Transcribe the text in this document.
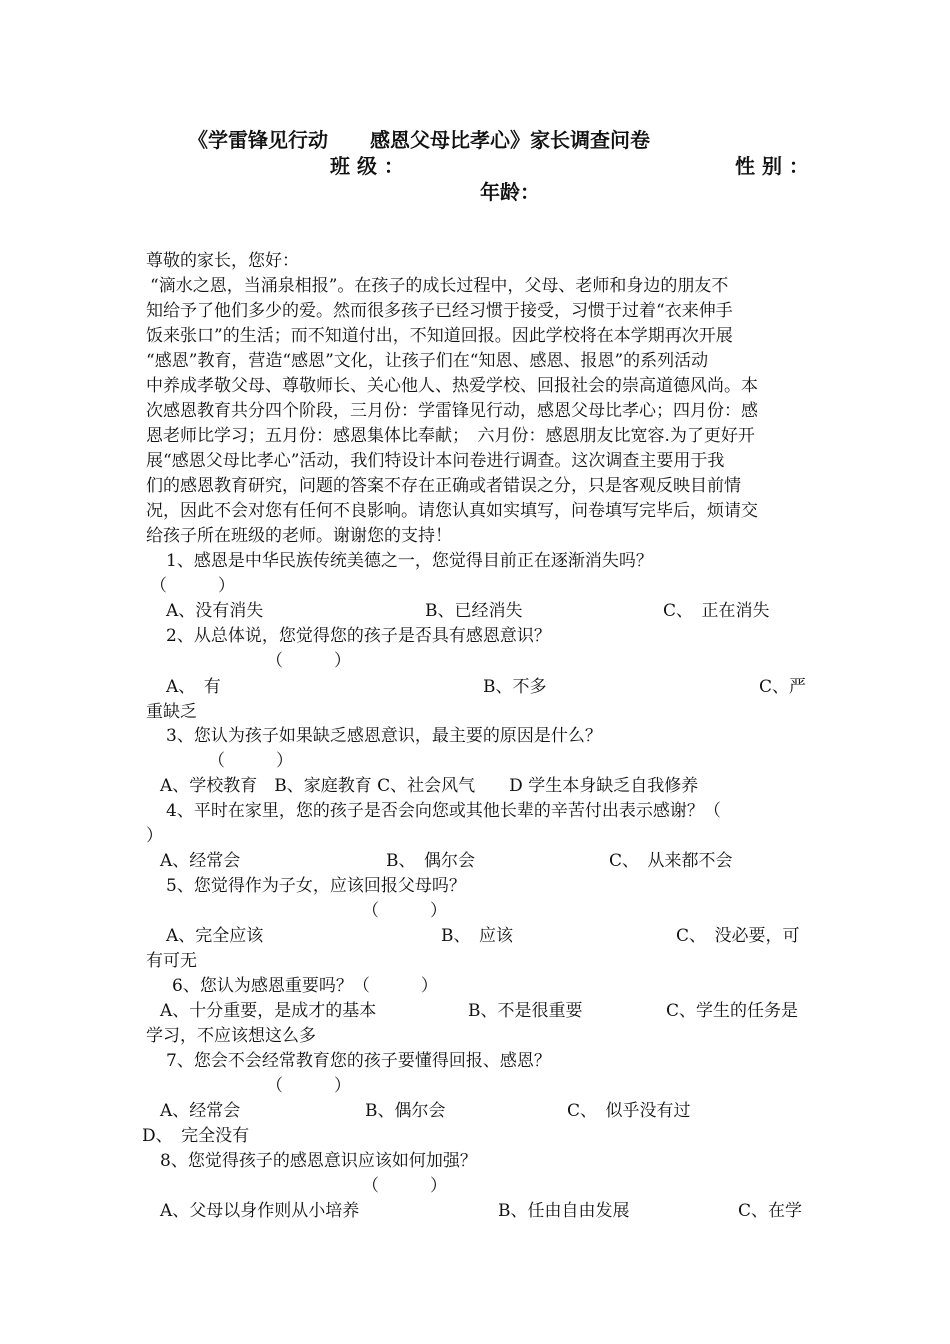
《学雷锋见行动 感恩父母比孝心》家长调查问卷
班 级 ：	性 别 ：
年龄：
尊敬的家长，您好：
“滴水之恩，当涌泉相报”。在孩子的成长过程中，父母、老师和身边的朋友不
知给予了他们多少的爱。然而很多孩子已经习惯于接受，习惯于过着“衣来伸手
饭来张口”的生活；而不知道付出，不知道回报。因此学校将在本学期再次开展
“感恩”教育，营造“感恩”文化，让孩子们在“知恩、感恩、报恩”的系列活动
中养成孝敬父母、尊敬师长、关心他人、热爱学校、回报社会的崇高道德风尚。本
次感恩教育共分四个阶段，三月份：学雷锋见行动，感恩父母比孝心；四月份：感
恩老师比学习；五月份：感恩集体比奉献；　六月份：感恩朋友比宽容.为了更好开
展“感恩父母比孝心”活动，我们特设计本问卷进行调查。这次调查主要用于我
们的感恩教育研究，问题的答案不存在正确或者错误之分，只是客观反映目前情
况，因此不会对您有任何不良影响。请您认真如实填写，问卷填写完毕后，烦请交
给孩子所在班级的老师。谢谢您的支持！
1、感恩是中华民族传统美德之一，您觉得目前正在逐渐消失吗？
（　　　）
A、没有消失	B、已经消失	C、　正在消失
2、从总体说，您觉得您的孩子是否具有感恩意识？
（　　　）
A、　有	B、不多	C、严
重缺乏
3、您认为孩子如果缺乏感恩意识，最主要的原因是什么？
（　　　）
A、学校教育　B、家庭教育 C、社会风气　　D 学生本身缺乏自我修养
4、平时在家里，您的孩子是否会向您或其他长辈的辛苦付出表示感谢？（
）
A、经常会	B、　偶尔会	C、　从来都不会
5、您觉得作为子女，应该回报父母吗？
（　　　）
A、完全应该	B、　应该	C、　没必要，可
有可无
6、您认为感恩重要吗？（　　　）
A、十分重要，是成才的基本	B、不是很重要	C、学生的任务是
学习，不应该想这么多
7、您会不会经常教育您的孩子要懂得回报、感恩？
（　　　）
A、经常会	B、偶尔会	C、　似乎没有过
D、　完全没有
8、您觉得孩子的感恩意识应该如何加强？
（　　　）
A、父母以身作则从小培养	B、任由自由发展	C、在学
